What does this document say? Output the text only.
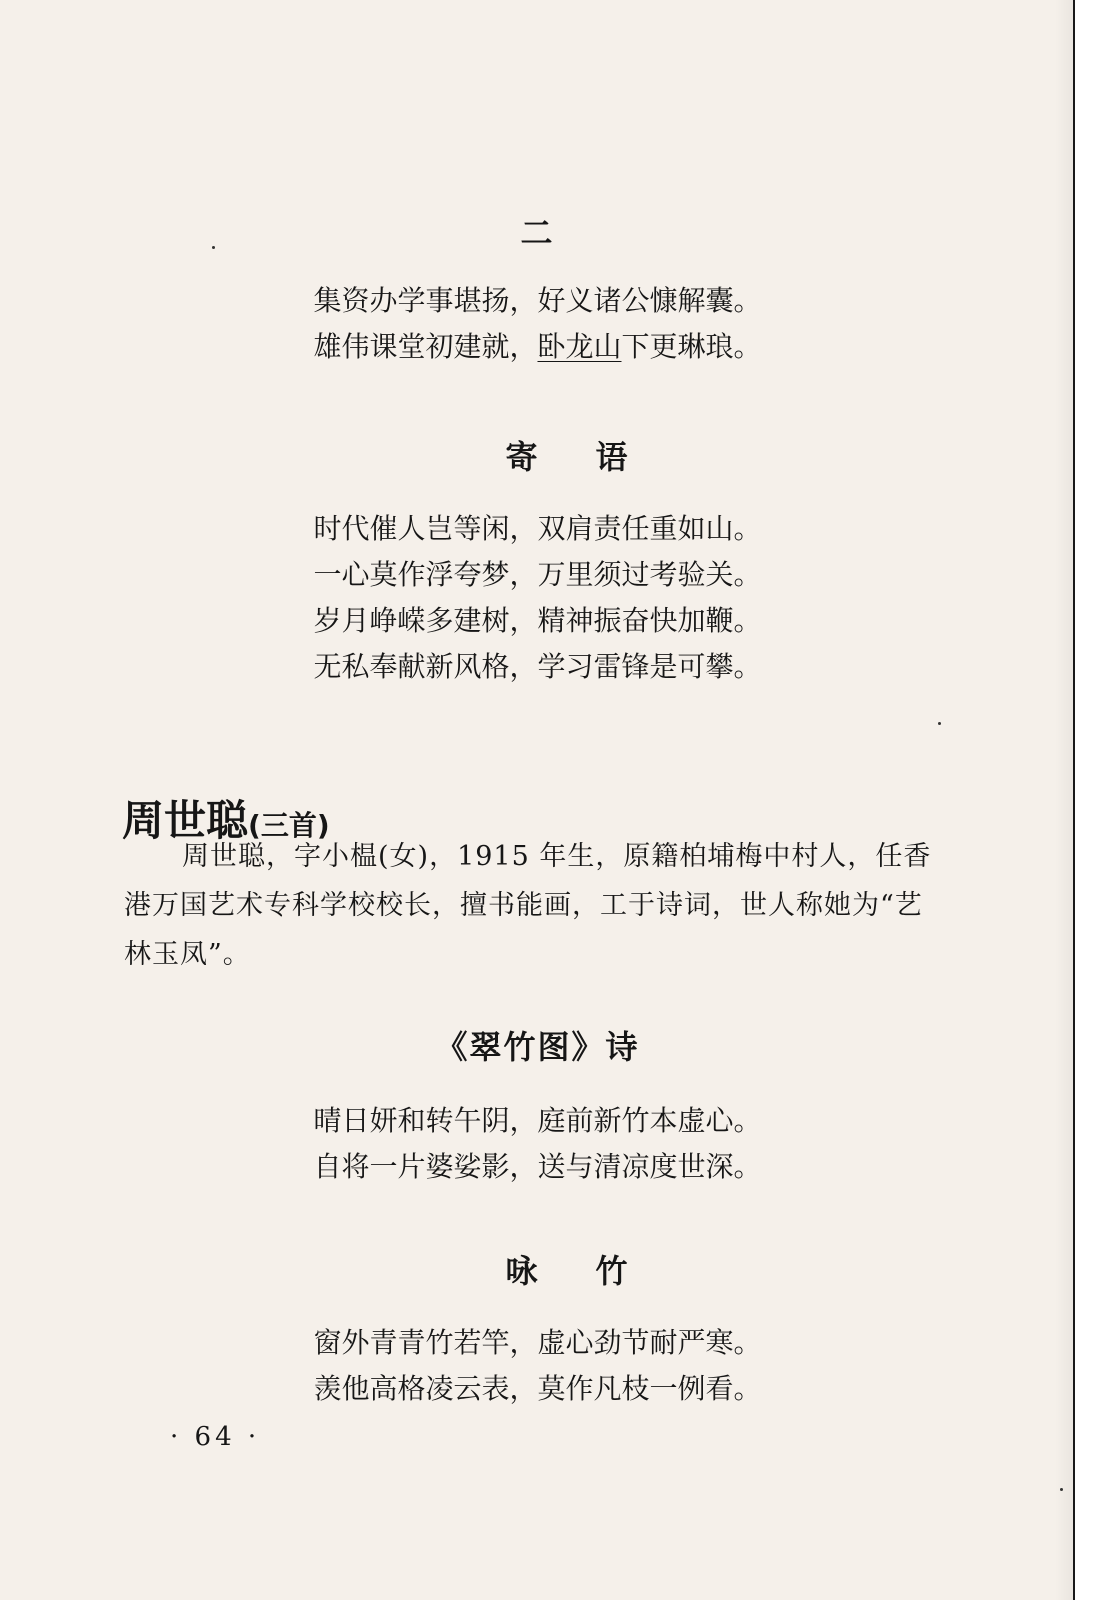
二
集资办学事堪扬，好义诸公慷解囊。
雄伟课堂初建就，卧龙山下更琳琅。
寄语
时代催人岂等闲，双肩责任重如山。
一心莫作浮夸梦，万里须过考验关。
岁月峥嵘多建树，精神振奋快加鞭。
无私奉献新风格，学习雷锋是可攀。
周世聪(三首)
周世聪，字小榅(女)，1915 年生，原籍柏埔梅中村人，任香港万国艺术专科学校校长，擅书能画，工于诗词，世人称她为“艺林玉凤”。
《翠竹图》诗
晴日妍和转午阴，庭前新竹本虚心。
自将一片婆娑影，送与清凉度世深。
咏竹
窗外青青竹若竿，虚心劲节耐严寒。
羡他高格凌云表，莫作凡枝一例看。
· 64 ·
